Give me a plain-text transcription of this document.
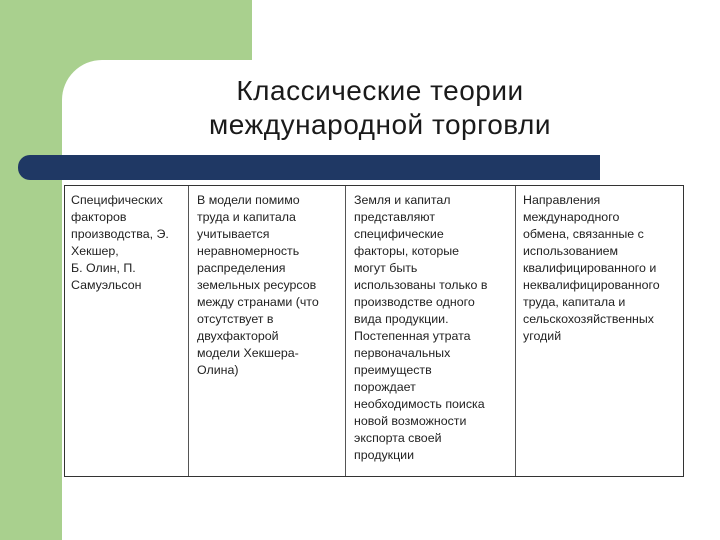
Классические теории
международной торговли
Специфических
факторов
производства, Э.
Хекшер,
Б. Олин, П.
Самуэльсон
В модели помимо
труда и капитала
учитывается
неравномерность
распределения
земельных ресурсов
между странами (что
отсутствует в
двухфакторой
модели Хекшера-
Олина)
Земля и капитал
представляют
специфические
факторы, которые
могут быть
использованы только в
производстве одного
вида продукции.
Постепенная утрата
первоначальных
преимуществ
порождает
необходимость поиска
новой возможности
экспорта своей
продукции
Направления
международного
обмена, связанные с
использованием
квалифицированного и
неквалифицированного
труда, капитала и
сельскохозяйственных
угодий
